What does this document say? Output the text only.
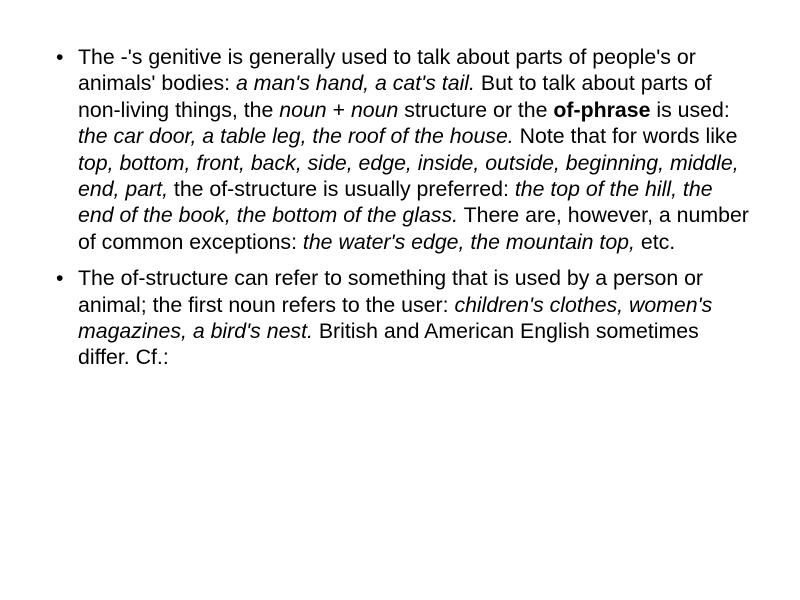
• The -'s genitive is generally used to talk about parts of people's or animals' bodies: a man's hand, a cat's tail. But to talk about parts of non-living things, the noun + noun structure or the of-phrase is used: the car door, a table leg, the roof of the house. Note that for words like top, bottom, front, back, side, edge, inside, outside, beginning, middle, end, part, the of-structure is usually preferred: the top of the hill, the end of the book, the bottom of the glass. There are, however, a number of common exceptions: the water's edge, the mountain top, etc.
• The of-structure can refer to something that is used by a person or animal; the first noun refers to the user: children's clothes, women's magazines, a bird's nest. British and American English sometimes differ. Cf.:
